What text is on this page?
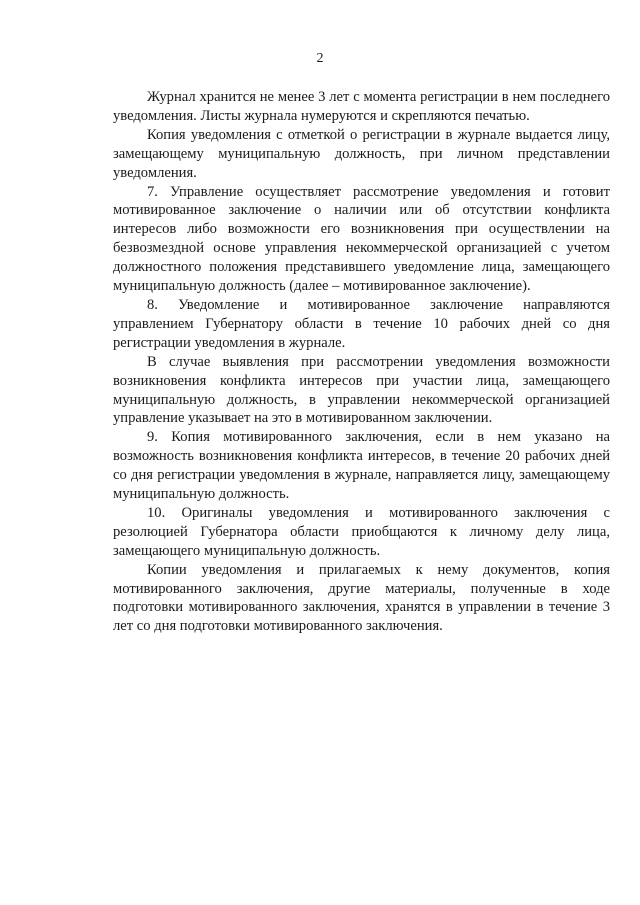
2

Журнал хранится не менее 3 лет с момента регистрации в нем последнего уведомления. Листы журнала нумеруются и скрепляются печатью.

Копия уведомления с отметкой о регистрации в журнале выдается лицу, замещающему муниципальную должность, при личном представлении уведомления.

7. Управление осуществляет рассмотрение уведомления и готовит мотивированное заключение о наличии или об отсутствии конфликта интересов либо возможности его возникновения при осуществлении на безвозмездной основе управления некоммерческой организацией с учетом должностного положения представившего уведомление лица, замещающего муниципальную должность (далее – мотивированное заключение).

8. Уведомление и мотивированное заключение направляются управлением Губернатору области в течение 10 рабочих дней со дня регистрации уведомления в журнале.

В случае выявления при рассмотрении уведомления возможности возникновения конфликта интересов при участии лица, замещающего муниципальную должность, в управлении некоммерческой организацией управление указывает на это в мотивированном заключении.

9. Копия мотивированного заключения, если в нем указано на возможность возникновения конфликта интересов, в течение 20 рабочих дней со дня регистрации уведомления в журнале, направляется лицу, замещающему муниципальную должность.

10. Оригиналы уведомления и мотивированного заключения с резолюцией Губернатора области приобщаются к личному делу лица, замещающего муниципальную должность.

Копии уведомления и прилагаемых к нему документов, копия мотивированного заключения, другие материалы, полученные в ходе подготовки мотивированного заключения, хранятся в управлении в течение 3 лет со дня подготовки мотивированного заключения.
